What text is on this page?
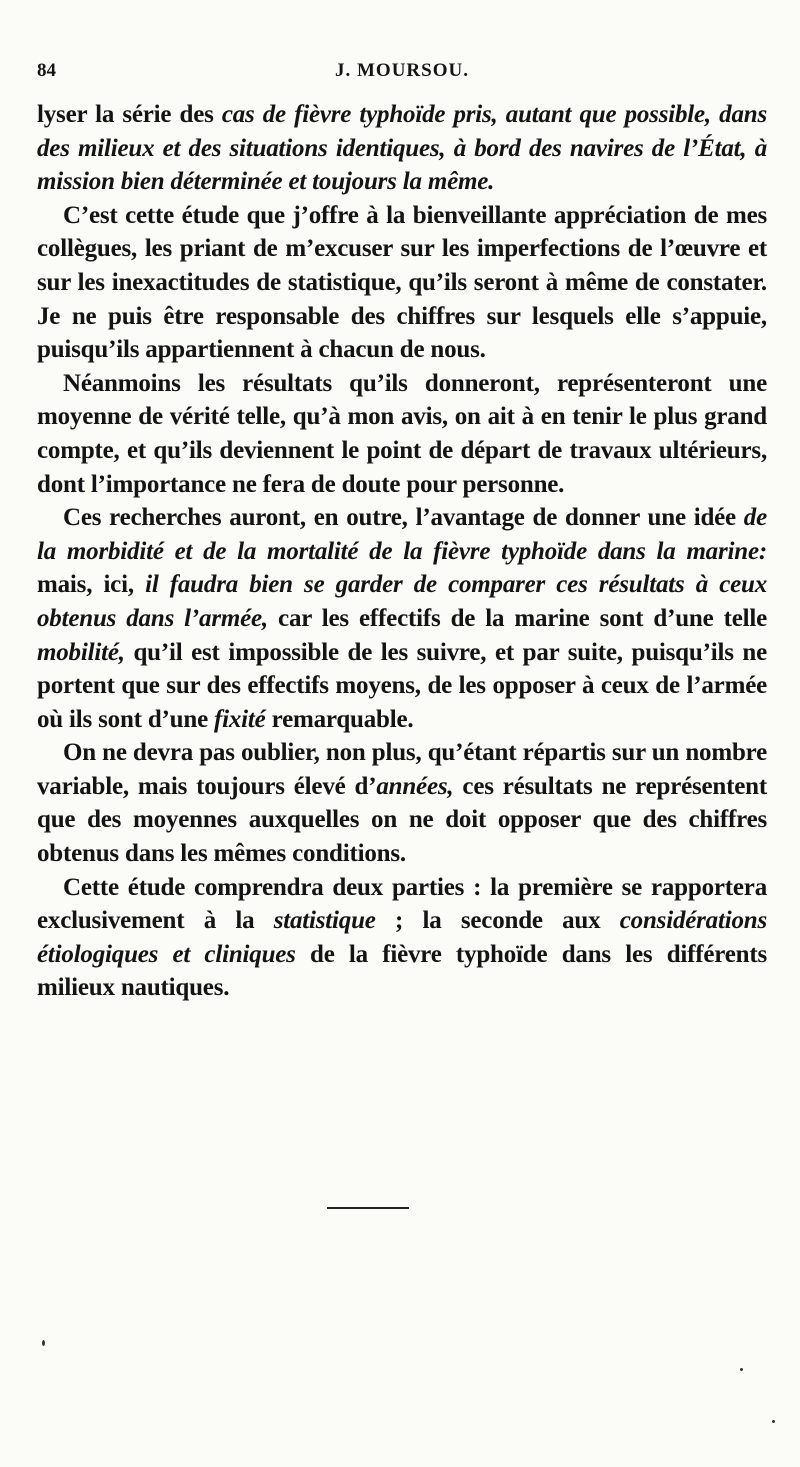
84	J. MOURSOU.

lyser la série des cas de fièvre typhoïde pris, autant que possible, dans des milieux et des situations identiques, à bord des navires de l’État, à mission bien déterminée et toujours la même.

C’est cette étude que j’offre à la bienveillante appréciation de mes collègues, les priant de m’excuser sur les imperfections de l’œuvre et sur les inexactitudes de statistique, qu’ils seront à même de constater. Je ne puis être responsable des chiffres sur lesquels elle s’appuie, puisqu’ils appartiennent à chacun de nous.

Néanmoins les résultats qu’ils donneront, représenteront une moyenne de vérité telle, qu’à mon avis, on ait à en tenir le plus grand compte, et qu’ils deviennent le point de départ de travaux ultérieurs, dont l’importance ne fera de doute pour personne.

Ces recherches auront, en outre, l’avantage de donner une idée de la morbidité et de la mortalité de la fièvre typhoïde dans la marine: mais, ici, il faudra bien se garder de comparer ces résultats à ceux obtenus dans l’armée, car les effectifs de la marine sont d’une telle mobilité, qu’il est impossible de les suivre, et par suite, puisqu’ils ne portent que sur des effectifs moyens, de les opposer à ceux de l’armée où ils sont d’une fixité remarquable.

On ne devra pas oublier, non plus, qu’étant répartis sur un nombre variable, mais toujours élevé d’années, ces résultats ne représentent que des moyennes auxquelles on ne doit opposer que des chiffres obtenus dans les mêmes conditions.

Cette étude comprendra deux parties : la première se rapportera exclusivement à la statistique ; la seconde aux considérations étiologiques et cliniques de la fièvre typhoïde dans les différents milieux nautiques.
